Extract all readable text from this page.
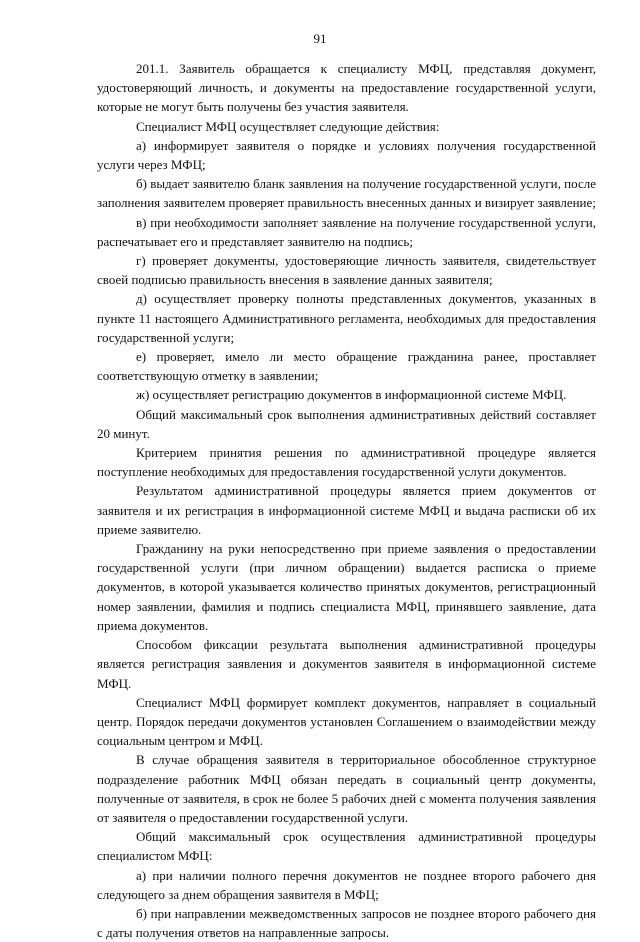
91

201.1. Заявитель обращается к специалисту МФЦ, представляя документ, удостоверяющий личность, и документы на предоставление государственной услуги, которые не могут быть получены без участия заявителя.

Специалист МФЦ осуществляет следующие действия:

а) информирует заявителя о порядке и условиях получения государственной услуги через МФЦ;

б) выдает заявителю бланк заявления на получение государственной услуги, после заполнения заявителем проверяет правильность внесенных данных и визирует заявление;

в) при необходимости заполняет заявление на получение государственной услуги, распечатывает его и представляет заявителю на подпись;

г) проверяет документы, удостоверяющие личность заявителя, свидетельствует своей подписью правильность внесения в заявление данных заявителя;

д) осуществляет проверку полноты представленных документов, указанных в пункте 11 настоящего Административного регламента, необходимых для предоставления государственной услуги;

е) проверяет, имело ли место обращение гражданина ранее, проставляет соответствующую отметку в заявлении;

ж) осуществляет регистрацию документов в информационной системе МФЦ.

Общий максимальный срок выполнения административных действий составляет 20 минут.

Критерием принятия решения по административной процедуре является поступление необходимых для предоставления государственной услуги документов.

Результатом административной процедуры является прием документов от заявителя и их регистрация в информационной системе МФЦ и выдача расписки об их приеме заявителю.

Гражданину на руки непосредственно при приеме заявления о предоставлении государственной услуги (при личном обращении) выдается расписка о приеме документов, в которой указывается количество принятых документов, регистрационный номер заявлении, фамилия и подпись специалиста МФЦ, принявшего заявление, дата приема документов.

Способом фиксации результата выполнения административной процедуры является регистрация заявления и документов заявителя в информационной системе МФЦ.

Специалист МФЦ формирует комплект документов, направляет в социальный центр. Порядок передачи документов установлен Соглашением о взаимодействии между социальным центром и МФЦ.

В случае обращения заявителя в территориальное обособленное структурное подразделение работник МФЦ обязан передать в социальный центр документы, полученные от заявителя, в срок не более 5 рабочих дней с момента получения заявления от заявителя о предоставлении государственной услуги.

Общий максимальный срок осуществления административной процедуры специалистом МФЦ:

а) при наличии полного перечня документов не позднее второго рабочего дня следующего за днем обращения заявителя в МФЦ;

б) при направлении межведомственных запросов не позднее второго рабочего дня с даты получения ответов на направленные запросы.
